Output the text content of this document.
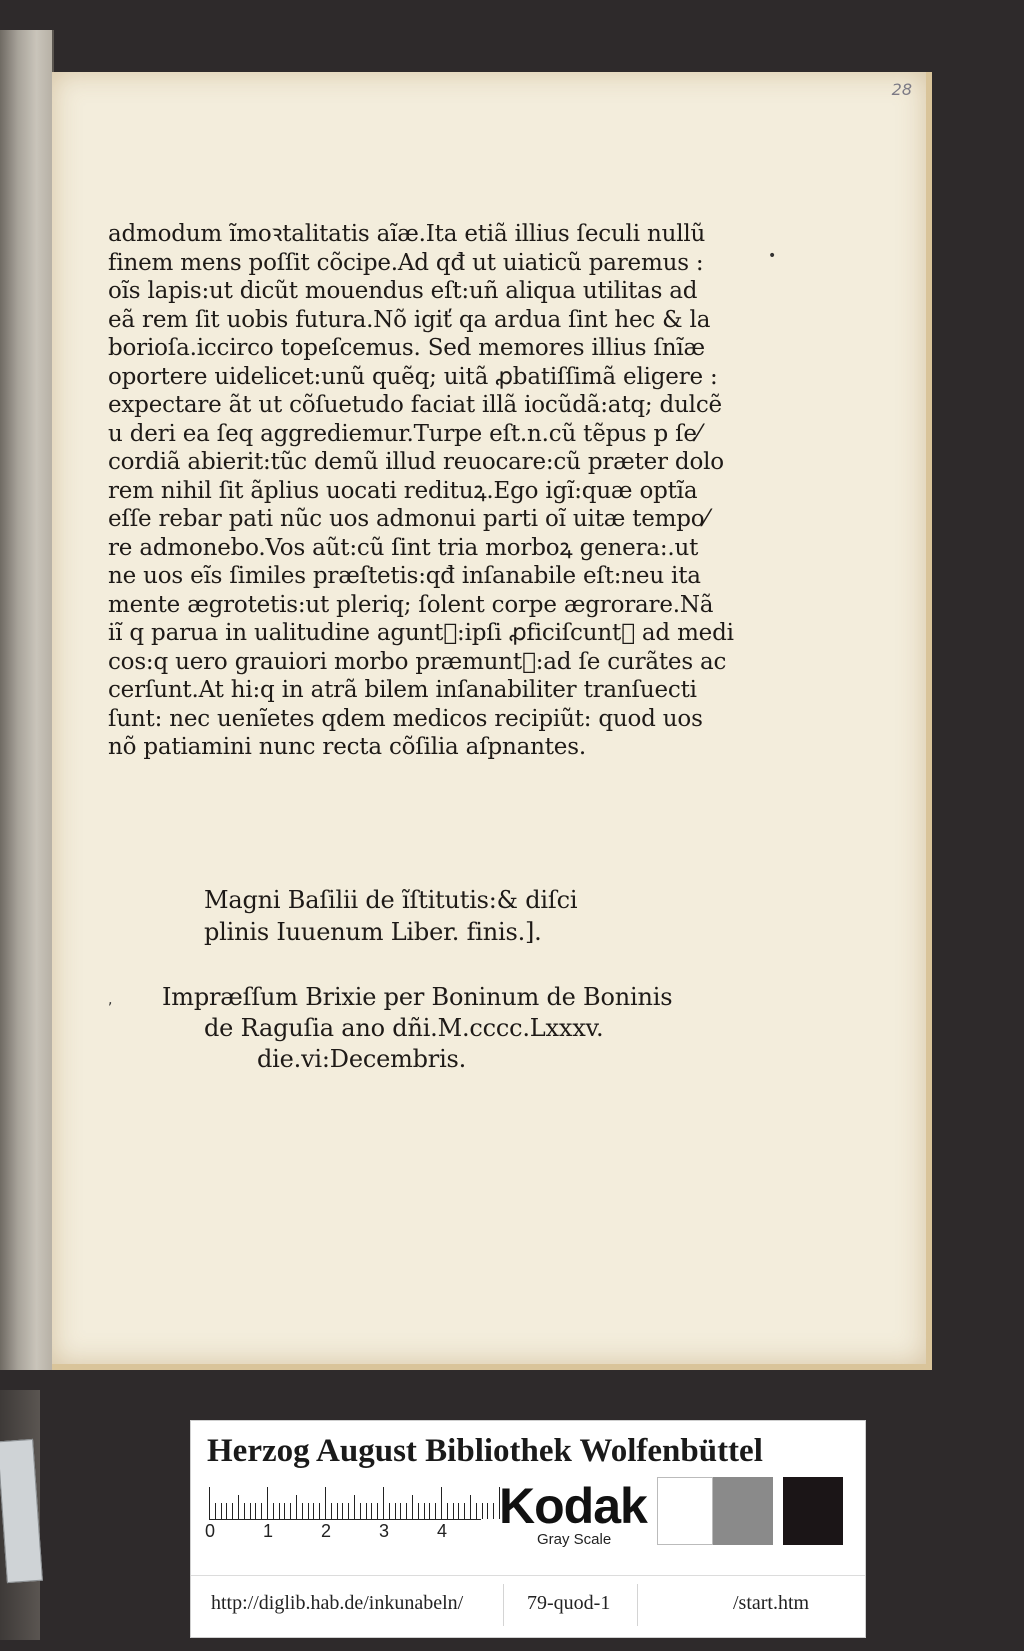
28
admodum ĩmoꝛtalitatis aĩæ.Ita etiã illius ſeculi nullũ
finem mens poſſit cõcipe.Ad qđ ut uiaticũ paremus :
oĩs lapis:ut dicũt mouendus eſt:uñ aliqua utilitas ad
eã rem ſit uobis futura.Nõ igiť qa ardua ſint hec & la
borioſa.iccirco topeſcemus. Sed memores illius ſnĩæ
oportere uidelicet:unũ quẽq; uitã ꝓbatiſſimã eligere :
expectare ãt ut cõſuetudo faciat illã iocũdã:atq; dulcẽ
u deri ea ſeq aggrediemur.Turpe eſt.n.cũ tẽpus p ſe⁄
cordiã abierit:tũc demũ illud reuocare:cũ præter dolo
rem nihil ſit ãplius uocati redituꝝ.Ego igĩ:quæ optĩa
eſſe rebar pati nũc uos admonui parti oĩ uitæ tempo⁄
re admonebo.Vos aũt:cũ ſint tria morboꝝ genera:.ut
ne uos eĩs ſimiles præſtetis:qđ inſanabile eſt:neu ita
mente ægrotetis:ut pleriq; ſolent corpe ægrorare.Nã
iĩ q parua in ualitudine aguntᷣ:ipſi ꝓficiſcuntᷣ ad medi
cos:q uero grauiori morbo præmuntᷣ:ad ſe curãtes ac
cerſunt.At hi:q in atrã bilem inſanabiliter tranſuecti
ſunt: nec uenĩetes qdem medicos recipiũt: quod uos
nõ patiamini nunc recta cõſilia aſpnantes.
Magni Baſilii de ĩſtitutis:& diſci
plinis Iuuenum Liber. finis.].
Impræſſum Brixie per Boninum de Boninis
de Raguſia ano dñi.M.cccc.Lxxxv.
die.vi:Decembris.
•
,
Herzog August Bibliothek Wolfenbüttel
0	1	2	3	4 Kodak
Gray Scale
http://diglib.hab.de/inkunabeln/	79-quod-1	/start.htm
